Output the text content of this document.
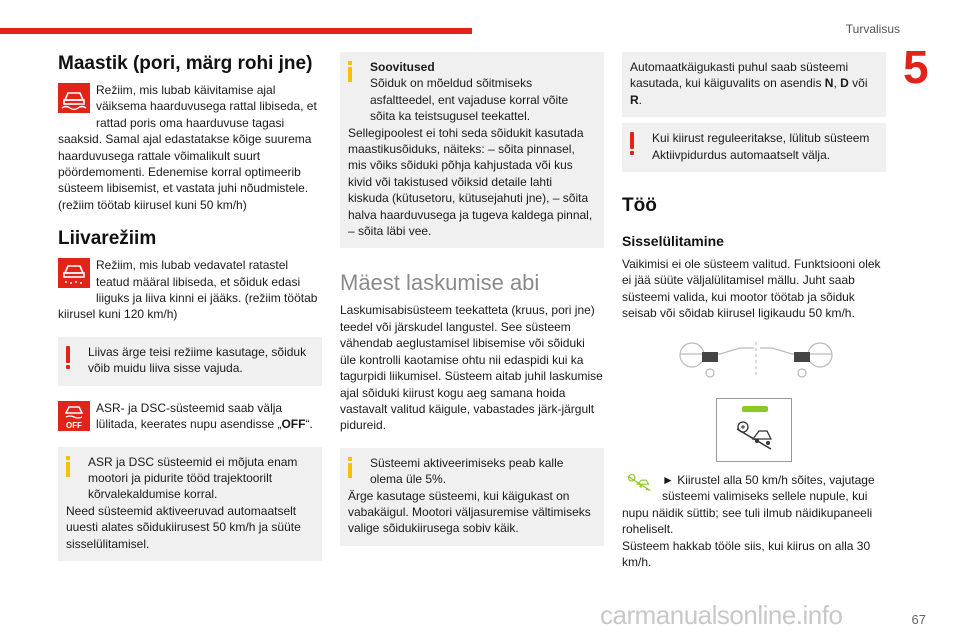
Turvalisus
5
Maastik (pori, märg rohi jne)
Režiim, mis lubab käivitamise ajal väiksema haarduvusega rattal libiseda, et rattad poris oma haarduvuse tagasi saaksid. Samal ajal edastatakse kõige suurema haarduvusega rattale võimalikult suurt pöördemomenti. Edenemise korral optimeerib süsteem libisemist, et vastata juhi nõudmistele. (režiim töötab kiirusel kuni 50 km/h)
Liivarežiim
Režiim, mis lubab vedavatel ratastel teatud määral libiseda, et sõiduk edasi liiguks ja liiva kinni ei jääks. (režiim töötab kiirusel kuni 120 km/h)
Liivas ärge teisi režiime kasutage, sõiduk võib muidu liiva sisse vajuda.
OFF
ASR- ja DSC-süsteemid saab välja lülitada, keerates nupu asendisse „OFF“.
ASR ja DSC süsteemid ei mõjuta enam mootori ja pidurite tööd trajektoorilt kõrvalekaldumise korral.
Need süsteemid aktiveeruvad automaatselt uuesti alates sõidukiirusest 50 km/h ja süüte sisselülitamisel.
Soovitused
Sõiduk on mõeldud sõitmiseks asfaltteedel, ent vajaduse korral võite sõita ka teistsugusel teekattel.
Sellegipoolest ei tohi seda sõidukit kasutada maastikusõiduks, näiteks: – sõita pinnasel, mis võiks sõiduki põhja kahjustada või kus kivid või takistused võiksid detaile lahti kiskuda (kütusetoru, kütusejahuti jne), – sõita halva haarduvusega ja tugeva kaldega pinnal, – sõita läbi vee.
Mäest laskumise abi
Laskumisabisüsteem teekatteta (kruus, pori jne) teedel või järskudel langustel. See süsteem vähendab aeglustamisel libisemise või sõiduki üle kontrolli kaotamise ohtu nii edaspidi kui ka tagurpidi liikumisel. Süsteem aitab juhil laskumise ajal sõiduki kiirust kogu aeg samana hoida vastavalt valitud käigule, vabastades järk-järgult pidureid.
Süsteemi aktiveerimiseks peab kalle olema üle 5%.
Ärge kasutage süsteemi, kui käigukast on vabakäigul. Mootori väljasuremise vältimiseks valige sõidukiirusega sobiv käik.
Automaatkäigukasti puhul saab süsteemi kasutada, kui käiguvalits on asendis N, D või R.
Kui kiirust reguleeritakse, lülitub süsteem Aktiivpidurdus automaatselt välja.
Töö
Sisselülitamine
Vaikimisi ei ole süsteem valitud. Funktsiooni olek ei jää süüte väljalülitamisel mällu. Juht saab süsteemi valida, kui mootor töötab ja sõiduk seisab või sõidab kiirusel ligikaudu 50 km/h.
► Kiirustel alla 50 km/h sõites, vajutage süsteemi valimiseks sellele nupule, kui nupu näidik süttib; see tuli ilmub näidikupaneeli roheliselt.
Süsteem hakkab tööle siis, kui kiirus on alla 30 km/h.
67
carmanualsonline.info
